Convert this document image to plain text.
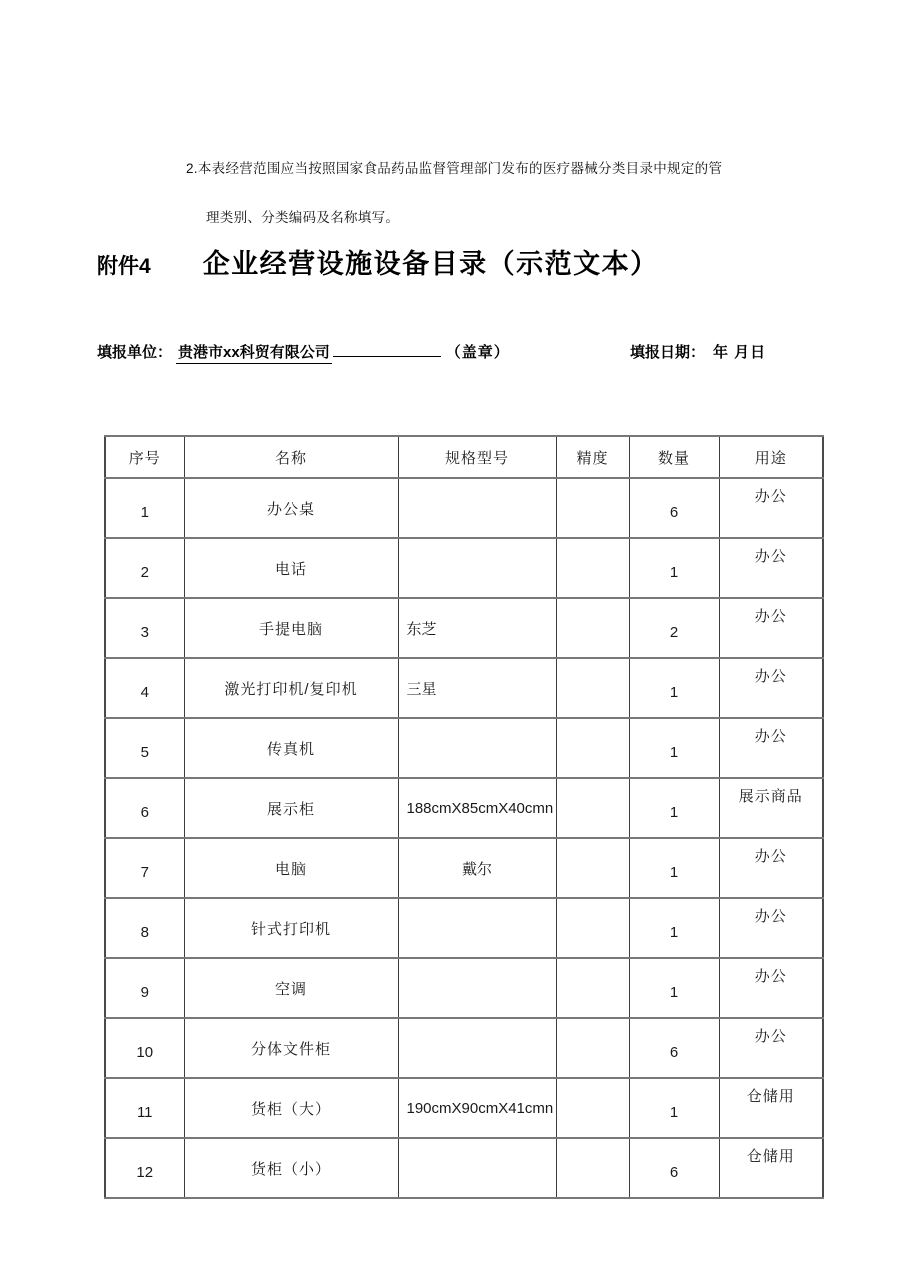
2.本表经营范围应当按照国家食品药品监督管理部门发布的医疗器械分类目录中规定的管
理类别、分类编码及名称填写。
附件4 企业经营设施设备目录（示范文本）
填报单位： 贵港市xx科贸有限公司	（盖章）	填报日期： 年 月日
序号	名称	规格型号	精度	数量	用途
1	办公桌			6	办公
2	电话			1	办公
3	手提电脑	东芝		2	办公
4	激光打印机/复印机	三星		1	办公
5	传真机			1	办公
6	展示柜	188cmX85cmX40cmn		1	展示商品
7	电脑	戴尔		1	办公
8	针式打印机			1	办公
9	空调			1	办公
10	分体文件柜			6	办公
11	货柜（大）	190cmX90cmX41cmn		1	仓储用
12	货柜（小）			6	仓储用
